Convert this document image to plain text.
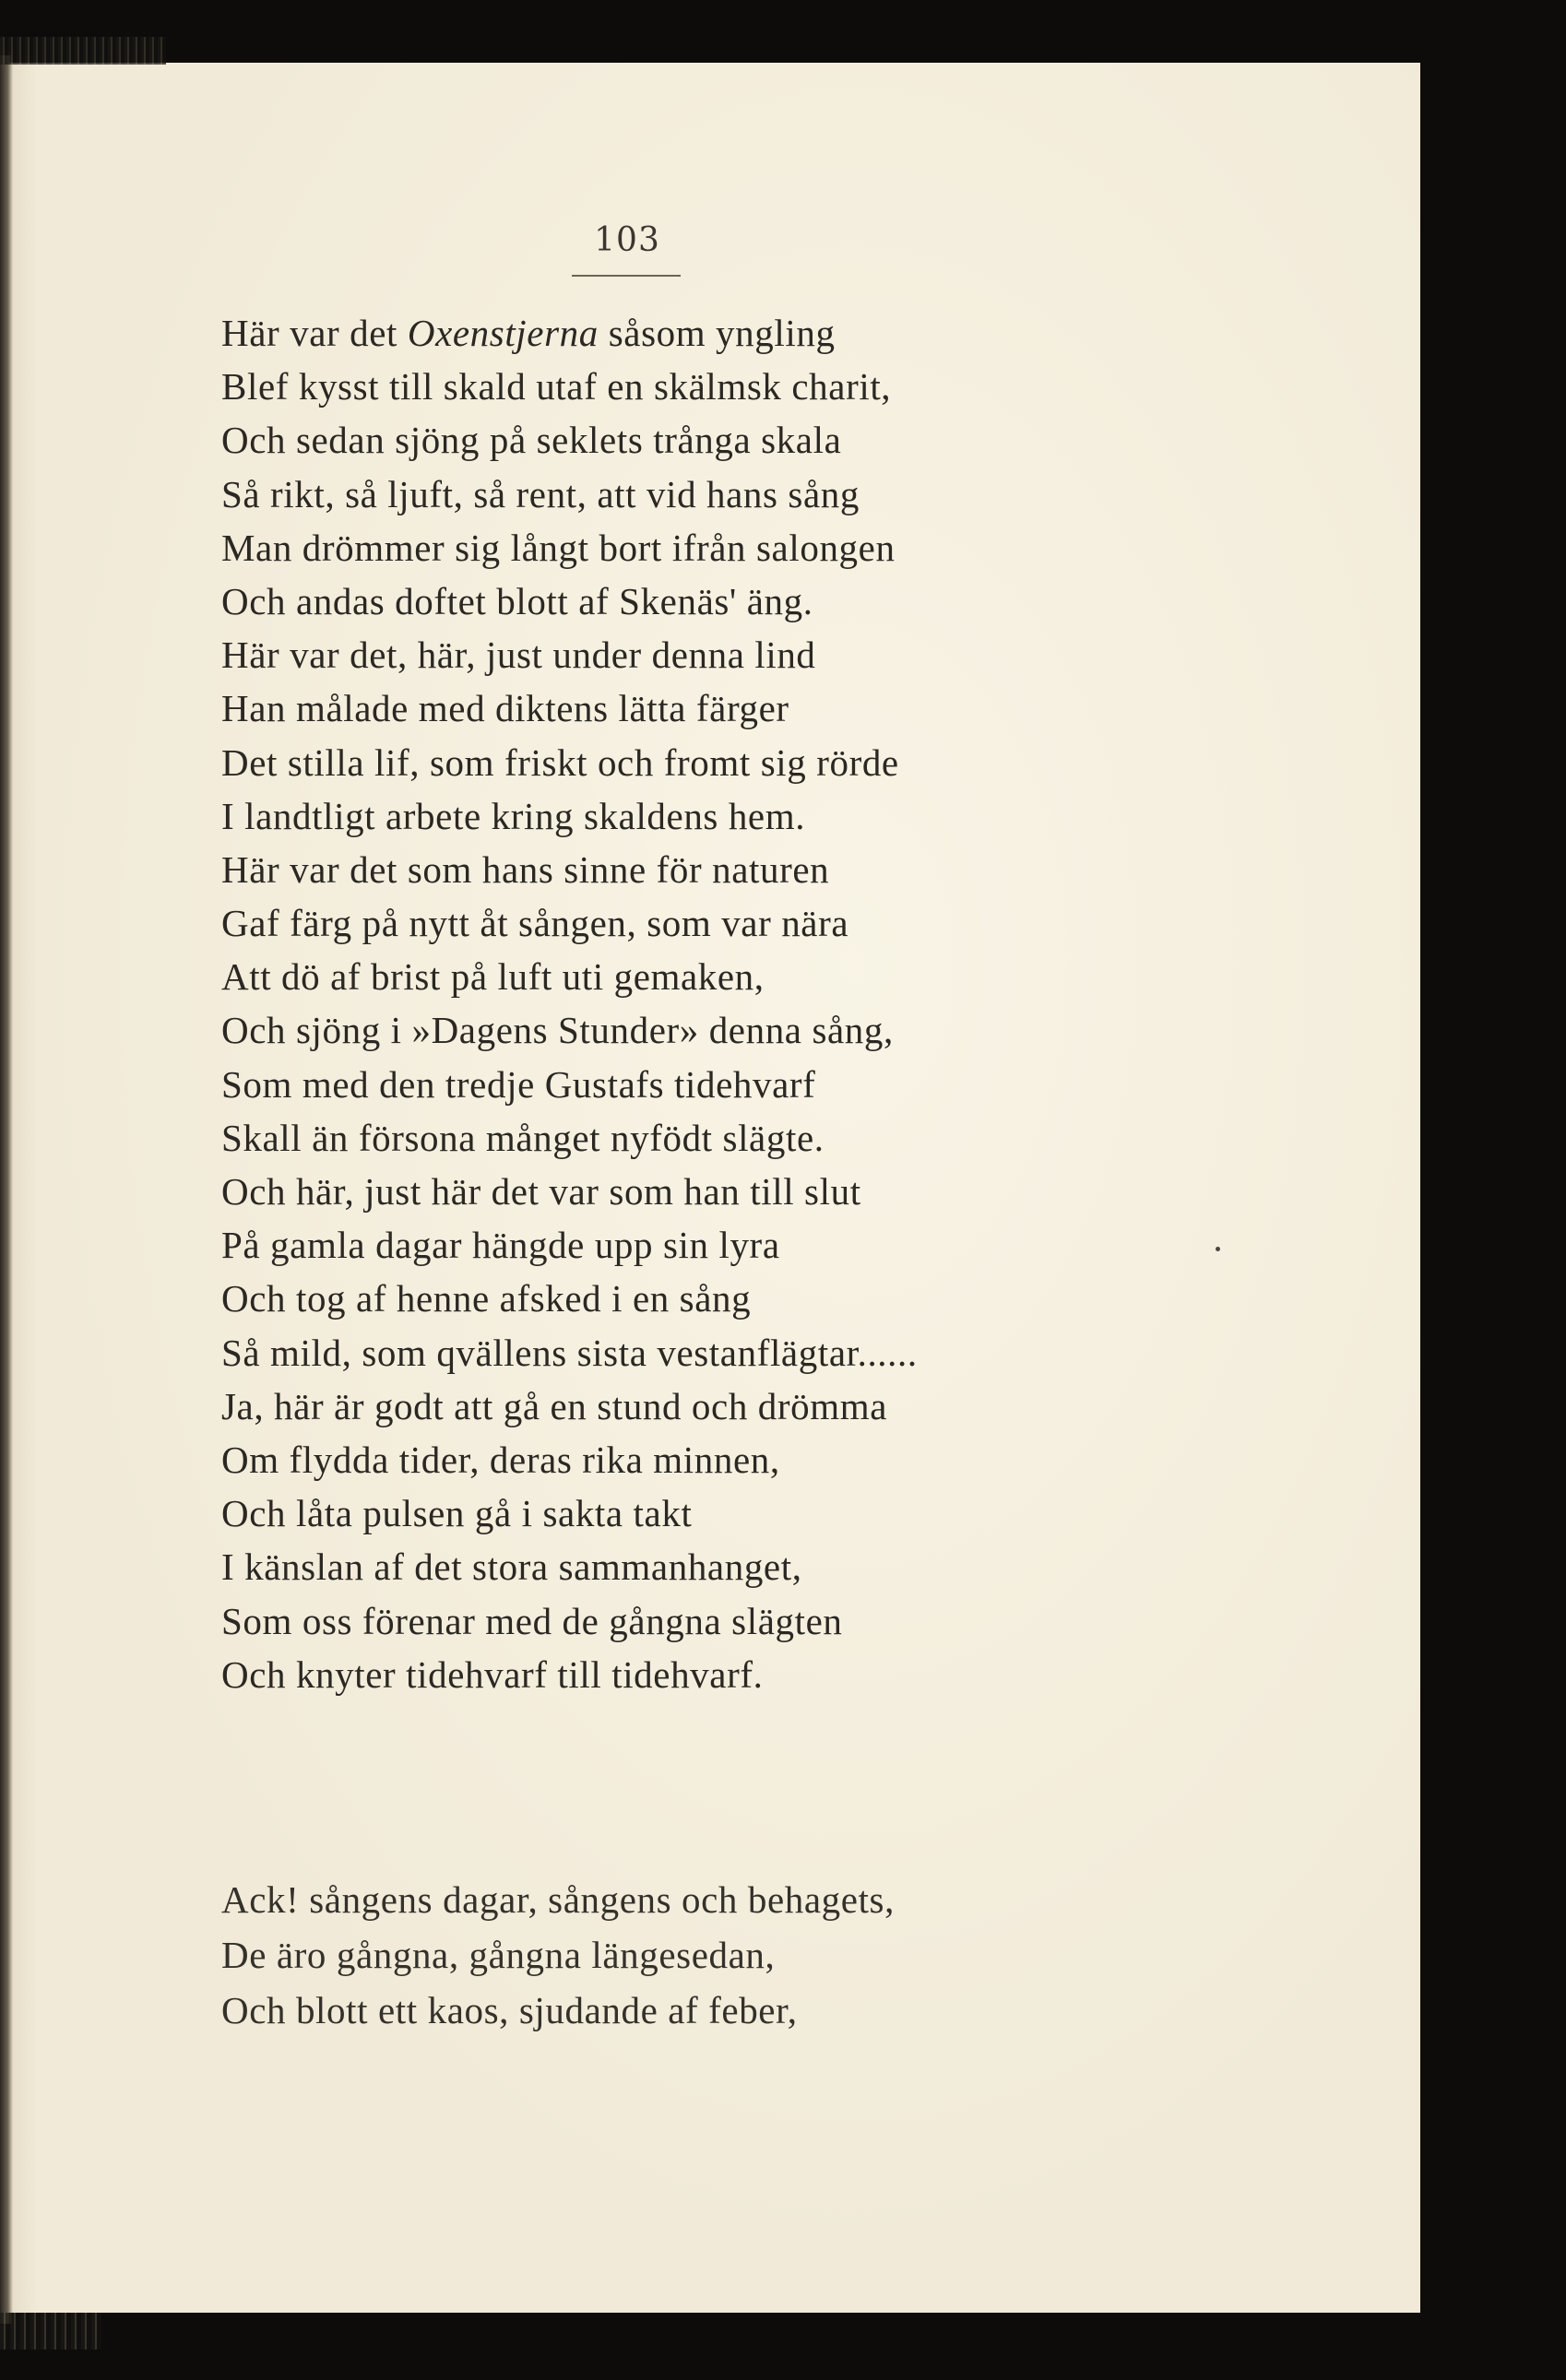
103
Här var det Oxenstjerna såsom yngling
Blef kysst till skald utaf en skälmsk charit,
Och sedan sjöng på seklets trånga skala
Så rikt, så ljuft, så rent, att vid hans sång
Man drömmer sig långt bort ifrån salongen
Och andas doftet blott af Skenäs' äng.
Här var det, här, just under denna lind
Han målade med diktens lätta färger
Det stilla lif, som friskt och fromt sig rörde
I landtligt arbete kring skaldens hem.
Här var det som hans sinne för naturen
Gaf färg på nytt åt sången, som var nära
Att dö af brist på luft uti gemaken,
Och sjöng i »Dagens Stunder» denna sång,
Som med den tredje Gustafs tidehvarf
Skall än försona månget nyfödt slägte.
Och här, just här det var som han till slut
På gamla dagar hängde upp sin lyra
Och tog af henne afsked i en sång
Så mild, som qvällens sista vestanflägtar......
Ja, här är godt att gå en stund och drömma
Om flydda tider, deras rika minnen,
Och låta pulsen gå i sakta takt
I känslan af det stora sammanhanget,
Som oss förenar med de gångna slägten
Och knyter tidehvarf till tidehvarf.
Ack! sångens dagar, sångens och behagets,
De äro gångna, gångna längesedan,
Och blott ett kaos, sjudande af feber,
